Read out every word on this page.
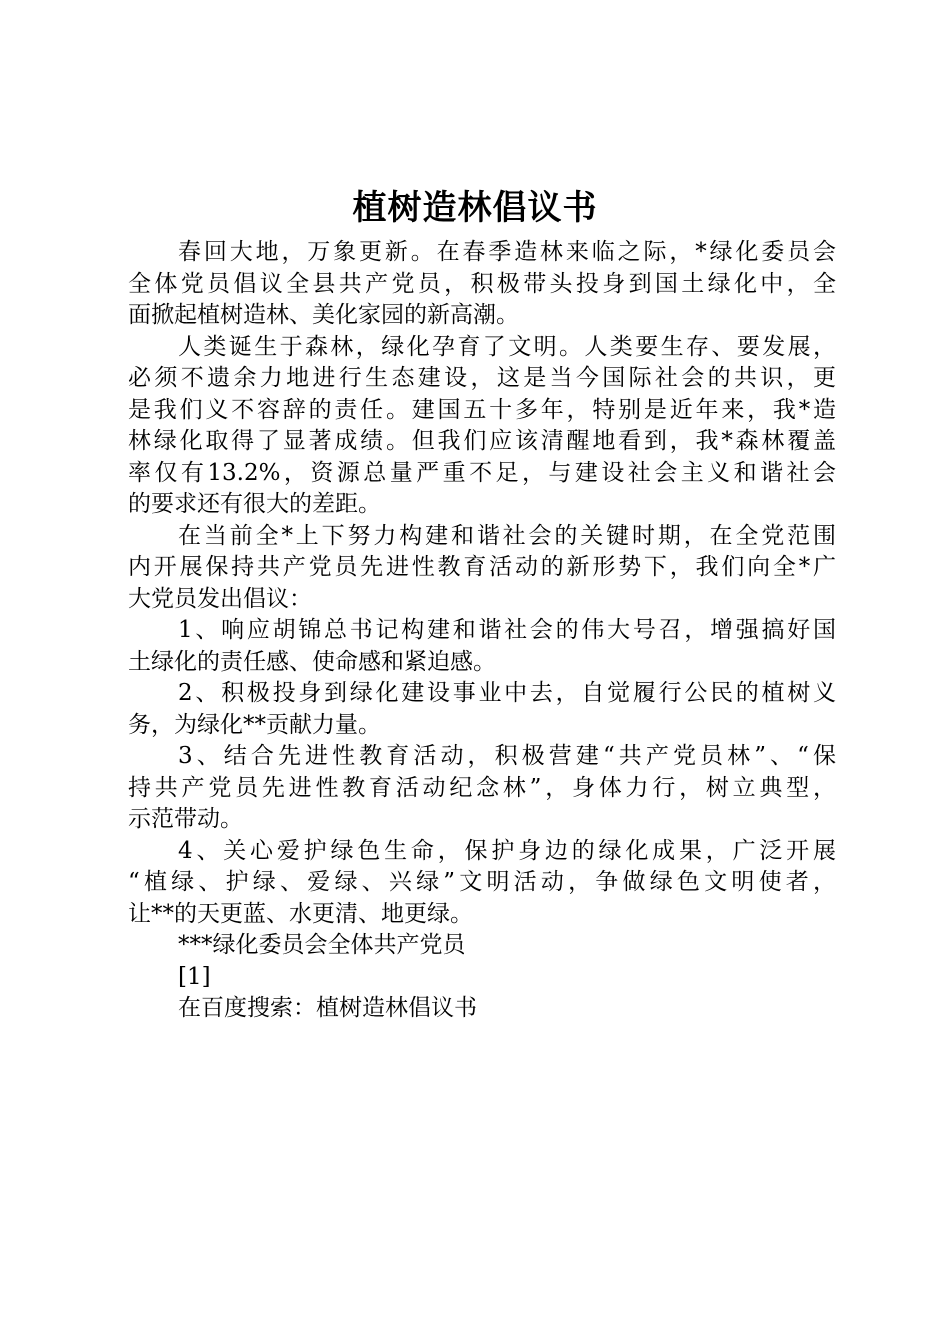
植树造林倡议书
春回大地，万象更新。在春季造林来临之际，*绿化委员会
全体党员倡议全县共产党员，积极带头投身到国土绿化中，全
面掀起植树造林、美化家园的新高潮。
人类诞生于森林，绿化孕育了文明。人类要生存、要发展，
必须不遗余力地进行生态建设，这是当今国际社会的共识，更
是我们义不容辞的责任。建国五十多年，特别是近年来，我*造
林绿化取得了显著成绩。但我们应该清醒地看到，我*森林覆盖
率仅有13.2%，资源总量严重不足，与建设社会主义和谐社会
的要求还有很大的差距。
在当前全*上下努力构建和谐社会的关键时期，在全党范围
内开展保持共产党员先进性教育活动的新形势下，我们向全*广
大党员发出倡议：
1、响应胡锦总书记构建和谐社会的伟大号召，增强搞好国
土绿化的责任感、使命感和紧迫感。
2、积极投身到绿化建设事业中去，自觉履行公民的植树义
务，为绿化**贡献力量。
3、结合先进性教育活动，积极营建“共产党员林”、“保
持共产党员先进性教育活动纪念林”，身体力行，树立典型，
示范带动。
4、关心爱护绿色生命，保护身边的绿化成果，广泛开展
“植绿、护绿、爱绿、兴绿”文明活动，争做绿色文明使者，
让**的天更蓝、水更清、地更绿。
***绿化委员会全体共产党员
[1]
在百度搜索：植树造林倡议书
